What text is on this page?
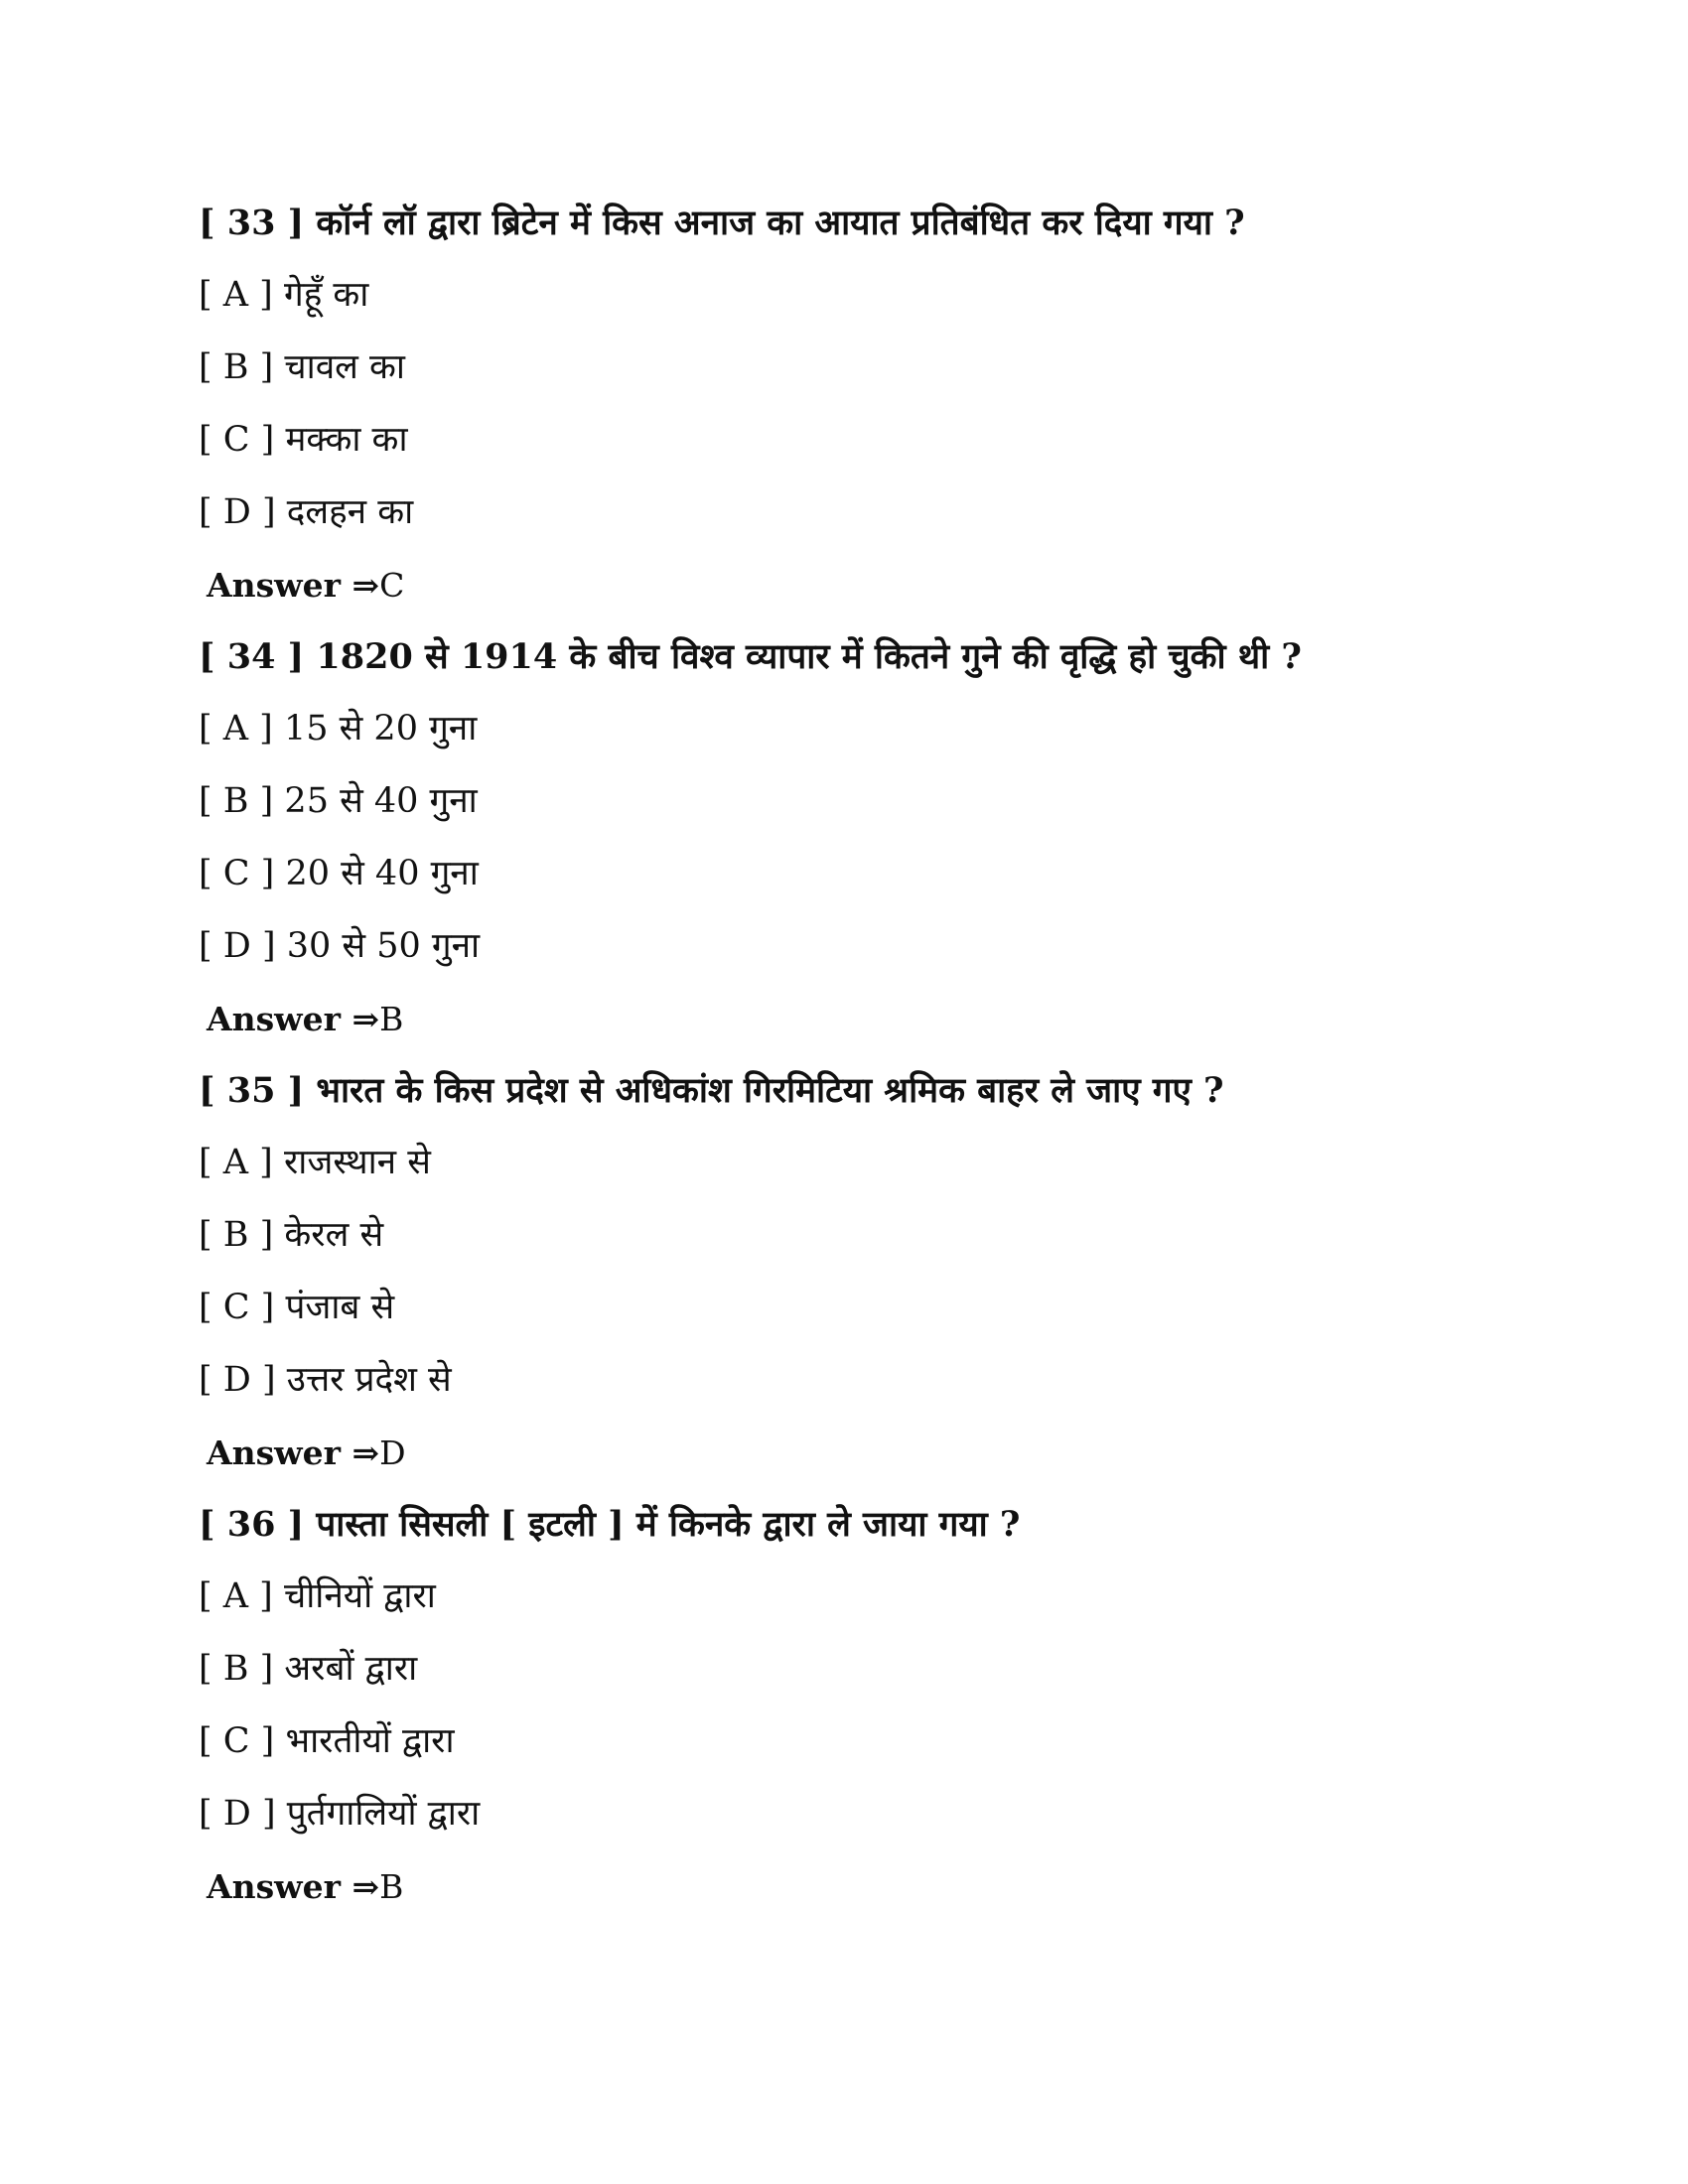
[ 33 ] कॉर्न लॉ द्वारा ब्रिटेन में किस अनाज का आयात प्रतिबंधित कर दिया गया ?
[ A ] गेहूँ का
[ B ] चावल का
[ C ] मक्का का
[ D ] दलहन का
Answer ⇒C
[ 34 ] 1820 से 1914 के बीच विश्व व्यापार में कितने गुने की वृद्धि हो चुकी थी ?
[ A ] 15 से 20 गुना
[ B ] 25 से 40 गुना
[ C ] 20 से 40 गुना
[ D ] 30 से 50 गुना
Answer ⇒B
[ 35 ] भारत के किस प्रदेश से अधिकांश गिरमिटिया श्रमिक बाहर ले जाए गए ?
[ A ] राजस्थान से
[ B ] केरल से
[ C ] पंजाब से
[ D ] उत्तर प्रदेश से
Answer ⇒D
[ 36 ] पास्ता सिसली [ इटली ] में किनके द्वारा ले जाया गया ?
[ A ] चीनियों द्वारा
[ B ] अरबों द्वारा
[ C ] भारतीयों द्वारा
[ D ] पुर्तगालियों द्वारा
Answer ⇒B
